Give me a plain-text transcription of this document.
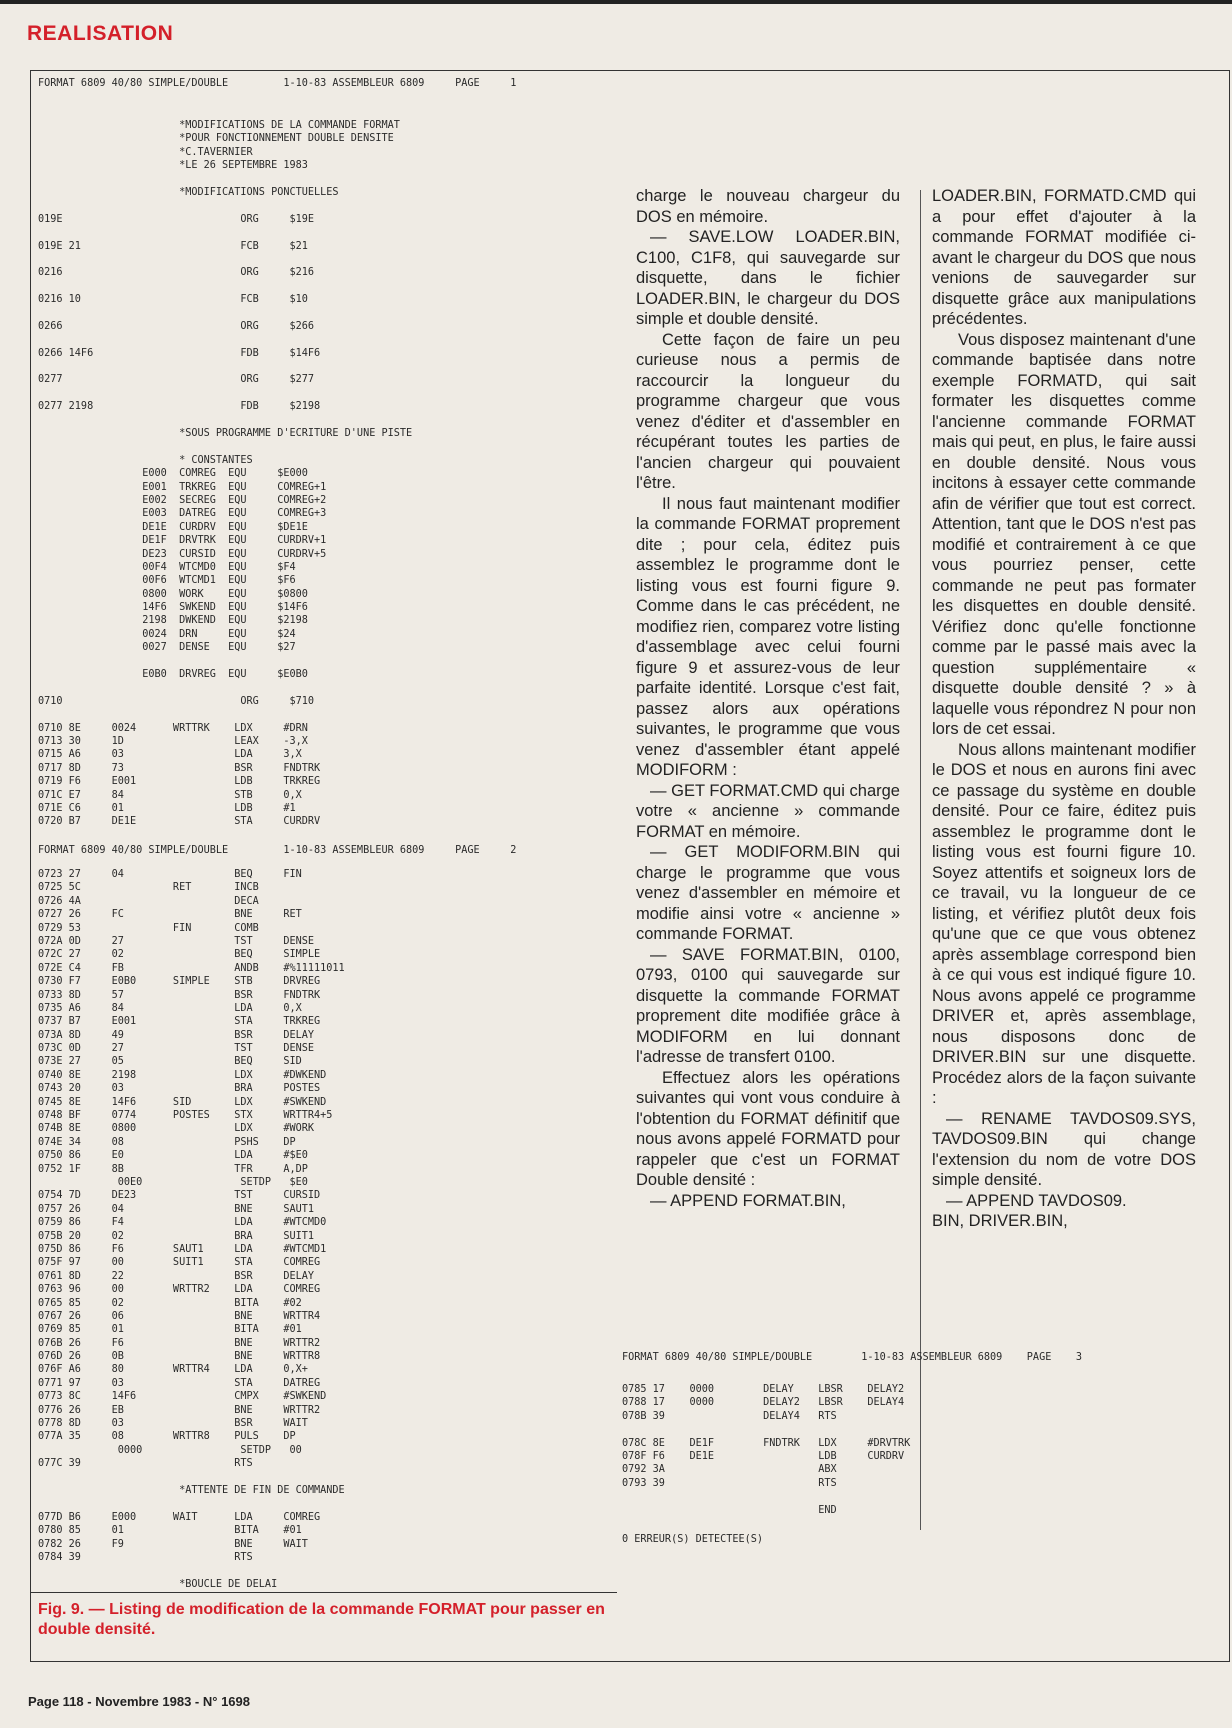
REALISATION
FORMAT 6809 40/80 SIMPLE/DOUBLE         1-10-83 ASSEMBLEUR 6809     PAGE     1
*MODIFICATIONS DE LA COMMANDE FORMAT
*POUR FONCTIONNEMENT DOUBLE DENSITE
*C.TAVERNIER
*LE 26 SEPTEMBRE 1983
*MODIFICATIONS PONCTUELLES
019E                             ORG     $19E
019E 21                          FCB     $21
0216                             ORG     $216
0216 10                          FCB     $10
0266                             ORG     $266
0266 14F6                        FDB     $14F6
0277                             ORG     $277
0277 2198                        FDB     $2198
*SOUS PROGRAMME D'ECRITURE D'UNE PISTE
* CONSTANTES
E000  COMREG  EQU     $E000
E001  TRKREG  EQU     COMREG+1
E002  SECREG  EQU     COMREG+2
E003  DATREG  EQU     COMREG+3
DE1E  CURDRV  EQU     $DE1E
DE1F  DRVTRK  EQU     CURDRV+1
DE23  CURSID  EQU     CURDRV+5
00F4  WTCMD0  EQU     $F4
00F6  WTCMD1  EQU     $F6
0800  WORK    EQU     $0800
14F6  SWKEND  EQU     $14F6
2198  DWKEND  EQU     $2198
0024  DRN     EQU     $24
0027  DENSE   EQU     $27
E0B0  DRVREG  EQU     $E0B0
0710                             ORG     $710
0710 8E     0024      WRTTRK    LDX     #DRN
0713 30     1D                  LEAX    -3,X
0715 A6     03                  LDA     3,X
0717 8D     73                  BSR     FNDTRK
0719 F6     E001                LDB     TRKREG
071C E7     84                  STB     0,X
071E C6     01                  LDB     #1
0720 B7     DE1E                STA     CURDRV
FORMAT 6809 40/80 SIMPLE/DOUBLE         1-10-83 ASSEMBLEUR 6809     PAGE     2
0723 27     04                  BEQ     FIN
0725 5C               RET       INCB
0726 4A                         DECA
0727 26     FC                  BNE     RET
0729 53               FIN       COMB
072A 0D     27                  TST     DENSE
072C 27     02                  BEQ     SIMPLE
072E C4     FB                  ANDB    #%11111011
0730 F7     E0B0      SIMPLE    STB     DRVREG
0733 8D     57                  BSR     FNDTRK
0735 A6     84                  LDA     0,X
0737 B7     E001                STA     TRKREG
073A 8D     49                  BSR     DELAY
073C 0D     27                  TST     DENSE
073E 27     05                  BEQ     SID
0740 8E     2198                LDX     #DWKEND
0743 20     03                  BRA     POSTES
0745 8E     14F6      SID       LDX     #SWKEND
0748 BF     0774      POSTES    STX     WRTTR4+5
074B 8E     0800                LDX     #WORK
074E 34     08                  PSHS    DP
0750 86     E0                  LDA     #$E0
0752 1F     8B                  TFR     A,DP
00E0                SETDP   $E0
0754 7D     DE23                TST     CURSID
0757 26     04                  BNE     SAUT1
0759 86     F4                  LDA     #WTCMD0
075B 20     02                  BRA     SUIT1
075D 86     F6        SAUT1     LDA     #WTCMD1
075F 97     00        SUIT1     STA     COMREG
0761 8D     22                  BSR     DELAY
0763 96     00        WRTTR2    LDA     COMREG
0765 85     02                  BITA    #02
0767 26     06                  BNE     WRTTR4
0769 85     01                  BITA    #01
076B 26     F6                  BNE     WRTTR2
076D 26     0B                  BNE     WRTTR8
076F A6     80        WRTTR4    LDA     0,X+
0771 97     03                  STA     DATREG
0773 8C     14F6                CMPX    #SWKEND
0776 26     EB                  BNE     WRTTR2
0778 8D     03                  BSR     WAIT
077A 35     08        WRTTR8    PULS    DP
0000                SETDP   00
077C 39                         RTS
*ATTENTE DE FIN DE COMMANDE
077D B6     E000      WAIT      LDA     COMREG
0780 85     01                  BITA    #01
0782 26     F9                  BNE     WAIT
0784 39                         RTS
*BOUCLE DE DELAI
Fig. 9. — Listing de modification de la commande FORMAT pour passer en double densité.

charge le nouveau chargeur du DOS en mémoire.

— SAVE.LOW LOADER.BIN, C100, C1F8, qui sauvegarde sur disquette, dans le fichier LOADER.BIN, le chargeur du DOS simple et double densité.

Cette façon de faire un peu curieuse nous a permis de raccourcir la longueur du programme chargeur que vous venez d'éditer et d'assembler en récupérant toutes les parties de l'ancien chargeur qui pouvaient l'être.

Il nous faut maintenant modifier la commande FORMAT proprement dite ; pour cela, éditez puis assemblez le programme dont le listing vous est fourni figure 9. Comme dans le cas précédent, ne modifiez rien, comparez votre listing d'assemblage avec celui fourni figure 9 et assurez-vous de leur parfaite identité. Lorsque c'est fait, passez alors aux opérations suivantes, le programme que vous venez d'assembler étant appelé MODIFORM :

— GET FORMAT.CMD qui charge votre « ancienne » commande FORMAT en mémoire.

— GET MODIFORM.BIN qui charge le programme que vous venez d'assembler en mémoire et modifie ainsi votre « ancienne » commande FORMAT.

— SAVE FORMAT.BIN, 0100, 0793, 0100 qui sauvegarde sur disquette la commande FORMAT proprement dite modifiée grâce à MODIFORM en lui donnant l'adresse de transfert 0100.

Effectuez alors les opérations suivantes qui vont vous conduire à l'obtention du FORMAT définitif que nous avons appelé FORMATD pour rappeler que c'est un FORMAT Double densité :

— APPEND FORMAT.BIN,

LOADER.BIN, FORMATD.CMD qui a pour effet d'ajouter à la commande FORMAT modifiée ci-avant le chargeur du DOS que nous venions de sauvegarder sur disquette grâce aux manipulations précédentes.

Vous disposez maintenant d'une commande baptisée dans notre exemple FORMATD, qui sait formater les disquettes comme l'ancienne commande FORMAT mais qui peut, en plus, le faire aussi en double densité. Nous vous incitons à essayer cette commande afin de vérifier que tout est correct. Attention, tant que le DOS n'est pas modifié et contrairement à ce que vous pourriez penser, cette commande ne peut pas formater les disquettes en double densité. Vérifiez donc qu'elle fonctionne comme par le passé mais avec la question supplémentaire « disquette double densité ? » à laquelle vous répondrez N pour non lors de cet essai.

Nous allons maintenant modifier le DOS et nous en aurons fini avec ce passage du système en double densité. Pour ce faire, éditez puis assemblez le programme dont le listing vous est fourni figure 10. Soyez attentifs et soigneux lors de ce travail, vu la longueur de ce listing, et vérifiez plutôt deux fois qu'une que ce que vous obtenez après assemblage correspond bien à ce qui vous est indiqué figure 10. Nous avons appelé ce programme DRIVER et, après assemblage, nous disposons donc de DRIVER.BIN sur une disquette. Procédez alors de la façon suivante :

— RENAME TAVDOS09.SYS, TAVDOS09.BIN qui change l'extension du nom de votre DOS simple densité.

— APPEND TAVDOS09.

BIN, DRIVER.BIN,

FORMAT 6809 40/80 SIMPLE/DOUBLE        1-10-83 ASSEMBLEUR 6809    PAGE    3
0785 17    0000        DELAY    LBSR    DELAY2
0788 17    0000        DELAY2   LBSR    DELAY4
078B 39                DELAY4   RTS
078C 8E    DE1F        FNDTRK   LDX     #DRVTRK
078F F6    DE1E                 LDB     CURDRV
0792 3A                         ABX
0793 39                         RTS
END
0 ERREUR(S) DETECTEE(S)
Page 118 - Novembre 1983 - N° 1698
